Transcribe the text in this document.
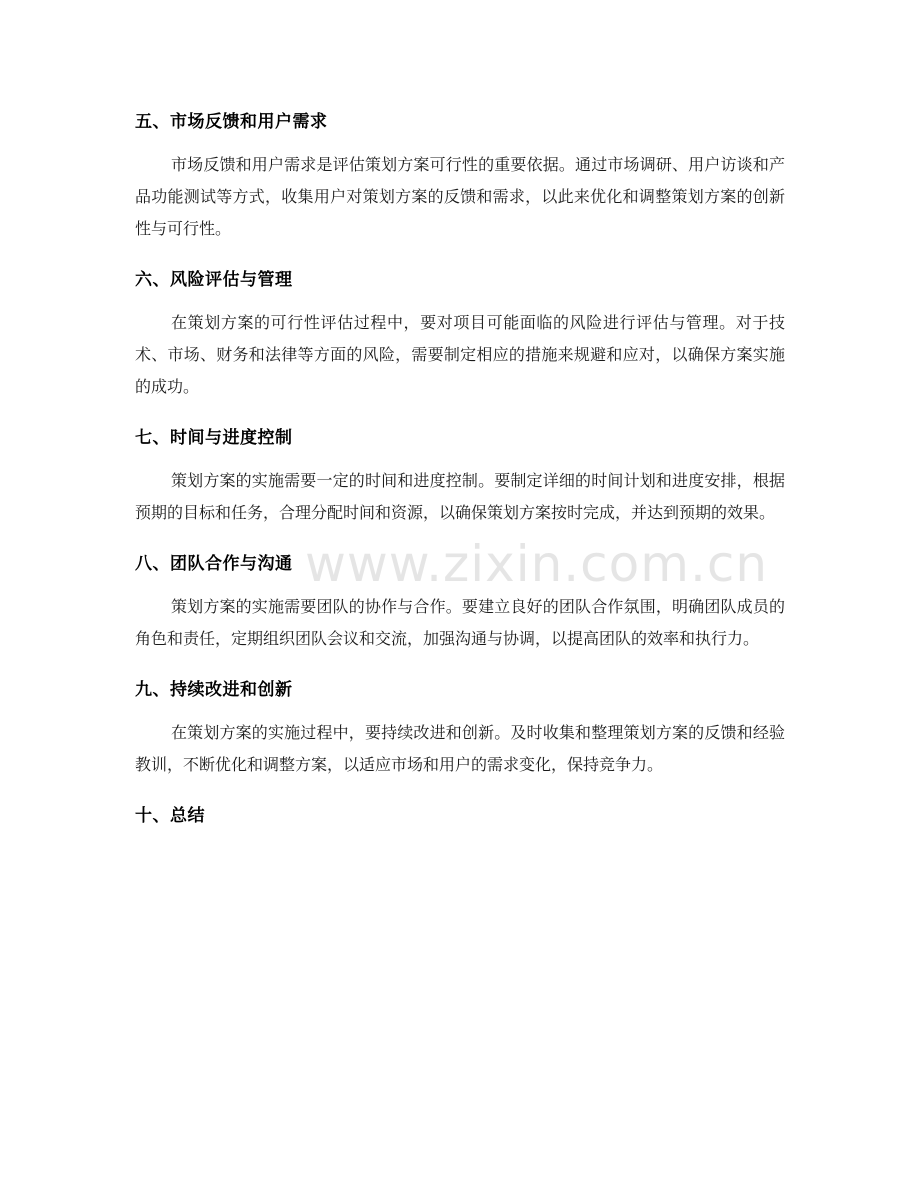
五、市场反馈和用户需求

市场反馈和用户需求是评估策划方案可行性的重要依据。通过市场调研、用户访谈和产品功能测试等方式，收集用户对策划方案的反馈和需求，以此来优化和调整策划方案的创新性与可行性。

六、风险评估与管理

在策划方案的可行性评估过程中，要对项目可能面临的风险进行评估与管理。对于技术、市场、财务和法律等方面的风险，需要制定相应的措施来规避和应对，以确保方案实施的成功。

七、时间与进度控制

策划方案的实施需要一定的时间和进度控制。要制定详细的时间计划和进度安排，根据预期的目标和任务，合理分配时间和资源，以确保策划方案按时完成，并达到预期的效果。

八、团队合作与沟通

策划方案的实施需要团队的协作与合作。要建立良好的团队合作氛围，明确团队成员的角色和责任，定期组织团队会议和交流，加强沟通与协调，以提高团队的效率和执行力。

九、持续改进和创新

在策划方案的实施过程中，要持续改进和创新。及时收集和整理策划方案的反馈和经验教训，不断优化和调整方案，以适应市场和用户的需求变化，保持竞争力。

十、总结
www.zixin.com.cn
